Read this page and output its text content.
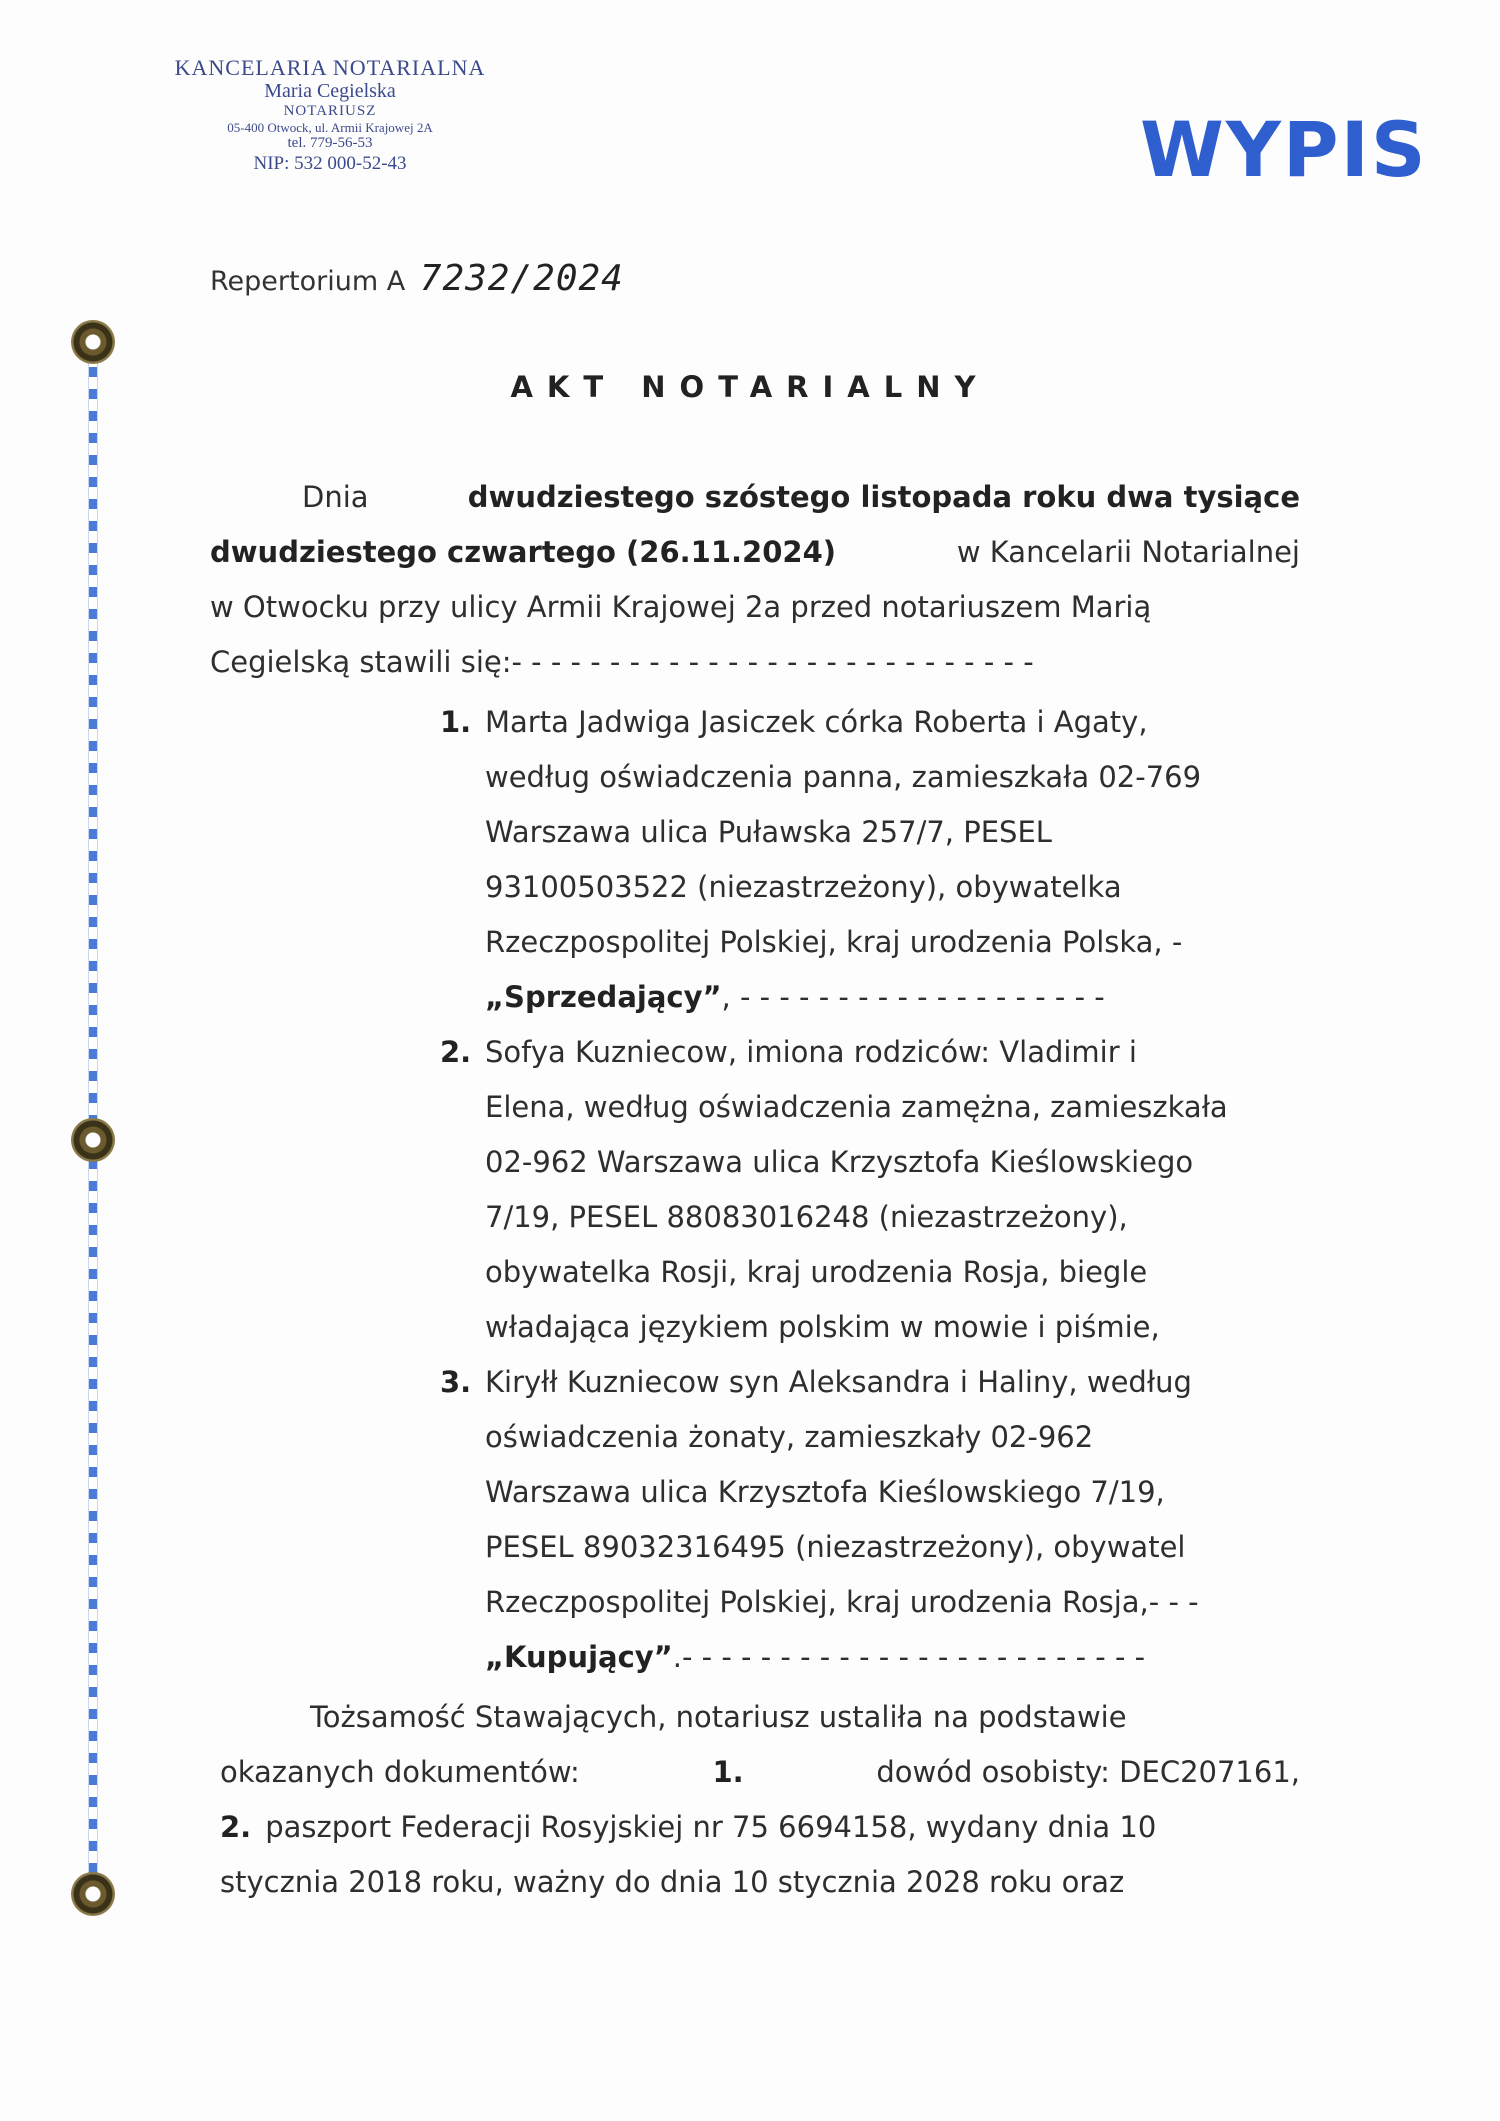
KANCELARIA NOTARIALNA
Maria Cegielska
NOTARIUSZ
05-400 Otwock, ul. Armii Krajowej 2A
tel. 779-56-53
NIP: 532 000-52-43	WYPIS
Repertorium A 7232/2024
AKT NOTARIALNY
Dnia	dwudziestego szóstego listopada roku dwa tysiące
dwudziestego czwartego (26.11.2024)	w Kancelarii Notarialnej
w Otwocku przy ulicy Armii Krajowej 2a przed notariuszem Marią
Cegielską stawili się:- - - - - - - - - - - - - - - - - - - - - - - - - - -
1. Marta Jadwiga Jasiczek córka Roberta i Agaty,
według oświadczenia panna, zamieszkała 02-769
Warszawa ulica Puławska 257/7, PESEL
93100503522 (niezastrzeżony), obywatelka
Rzeczpospolitej Polskiej, kraj urodzenia Polska, -
„Sprzedający” , - - - - - - - - - - - - - - - - - - -
2. Sofya Kuzniecow, imiona rodziców: Vladimir i
Elena, według oświadczenia zamężna, zamieszkała
02-962 Warszawa ulica Krzysztofa Kieślowskiego
7/19, PESEL 88083016248 (niezastrzeżony),
obywatelka Rosji, kraj urodzenia Rosja, biegle
władająca językiem polskim w mowie i piśmie,
3. Kiryłł Kuzniecow syn Aleksandra i Haliny, według
oświadczenia żonaty, zamieszkały 02-962
Warszawa ulica Krzysztofa Kieślowskiego 7/19,
PESEL 89032316495 (niezastrzeżony), obywatel
Rzeczpospolitej Polskiej, kraj urodzenia Rosja,- - -
„Kupujący” .- - - - - - - - - - - - - - - - - - - - - - - -
Tożsamość Stawających, notariusz ustaliła na podstawie
okazanych dokumentów:	1.	dowód osobisty: DEC207161,
2. paszport Federacji Rosyjskiej nr 75 6694158, wydany dnia 10
stycznia 2018 roku, ważny do dnia 10 stycznia 2028 roku oraz
